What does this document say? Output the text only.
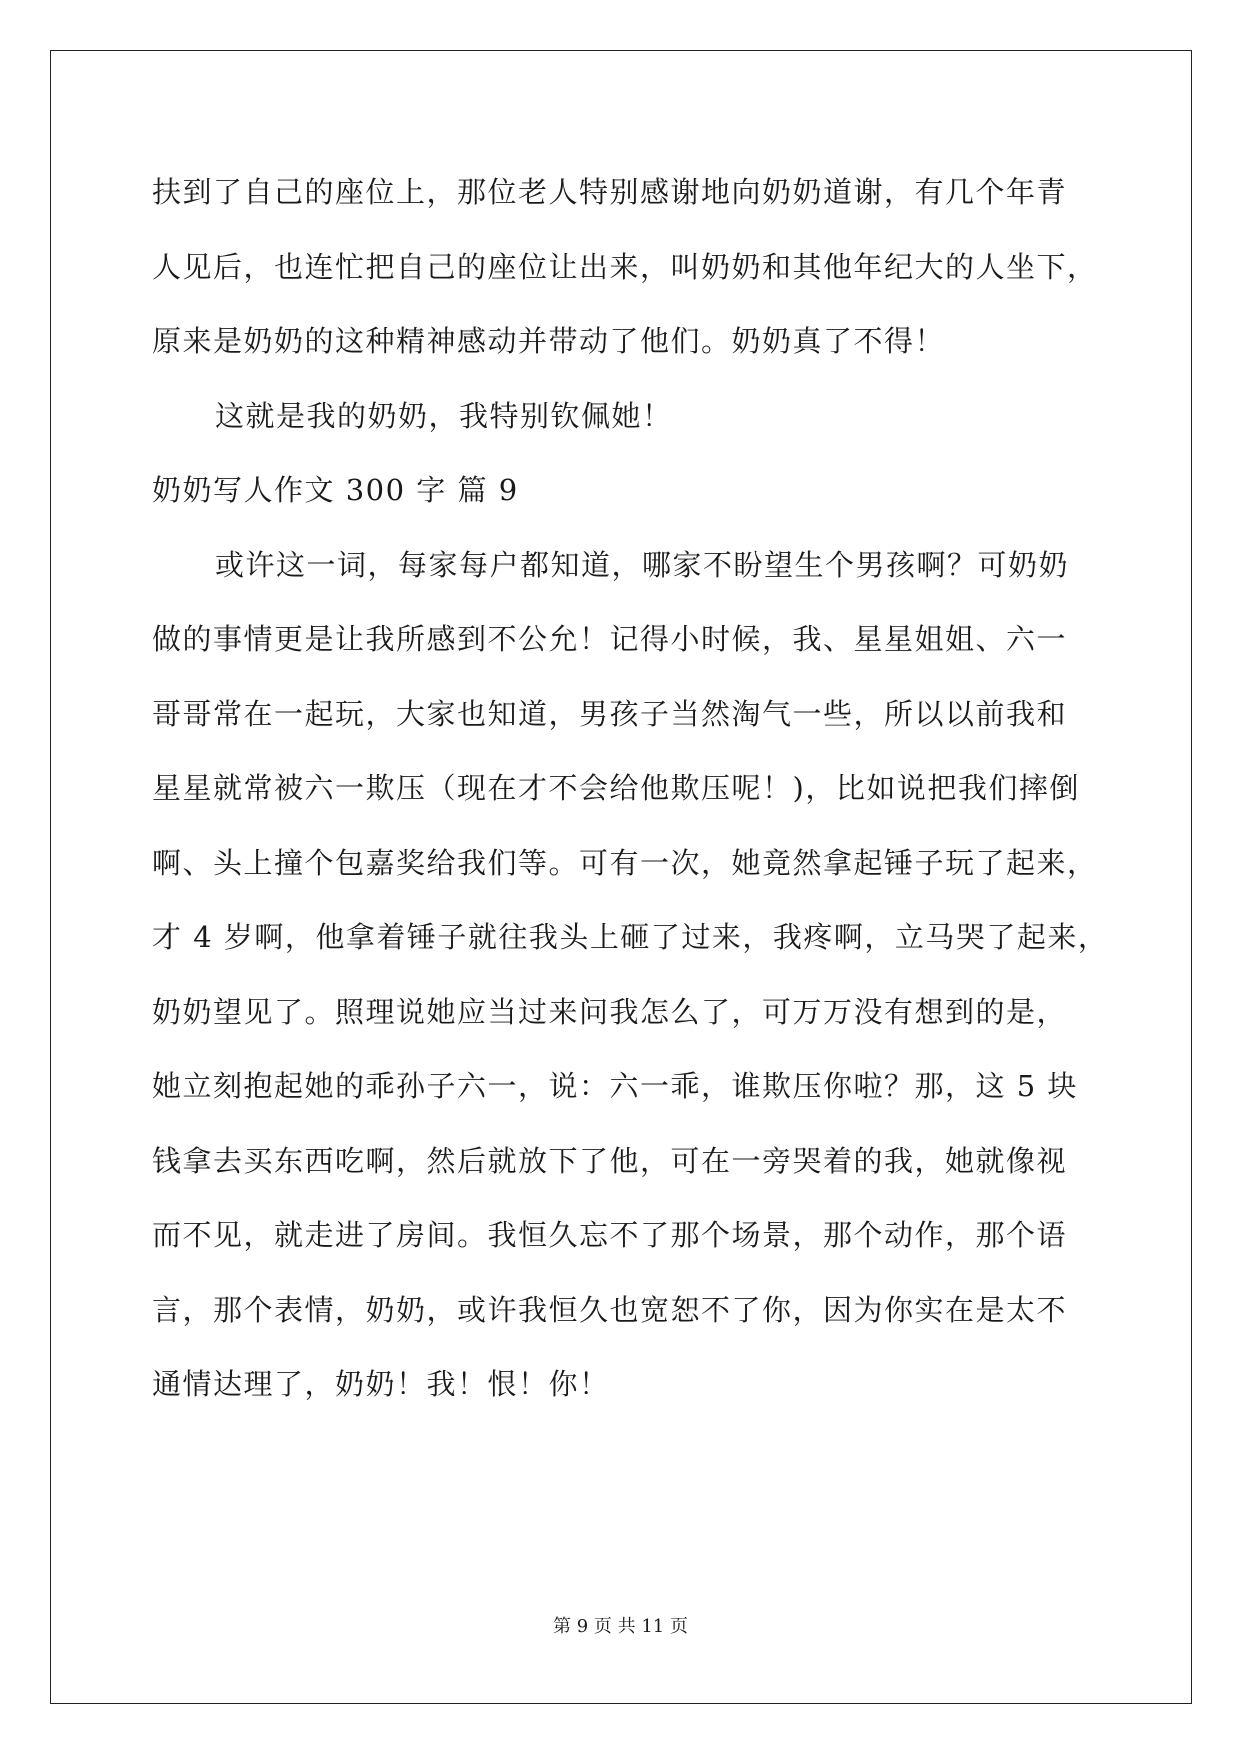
扶到了自己的座位上，那位老人特别感谢地向奶奶道谢，有几个年青
人见后，也连忙把自己的座位让出来，叫奶奶和其他年纪大的人坐下，
原来是奶奶的这种精神感动并带动了他们。奶奶真了不得！
这就是我的奶奶，我特别钦佩她！
奶奶写人作文 300 字 篇 9
或许这一词，每家每户都知道，哪家不盼望生个男孩啊？可奶奶
做的事情更是让我所感到不公允！记得小时候，我、星星姐姐、六一
哥哥常在一起玩，大家也知道，男孩子当然淘气一些，所以以前我和
星星就常被六一欺压（现在才不会给他欺压呢！)，比如说把我们摔倒
啊、头上撞个包嘉奖给我们等。可有一次，她竟然拿起锤子玩了起来，
才 4 岁啊，他拿着锤子就往我头上砸了过来，我疼啊，立马哭了起来，
奶奶望见了。照理说她应当过来问我怎么了，可万万没有想到的是，
她立刻抱起她的乖孙子六一，说：六一乖，谁欺压你啦？那，这 5 块
钱拿去买东西吃啊，然后就放下了他，可在一旁哭着的我，她就像视
而不见，就走进了房间。我恒久忘不了那个场景，那个动作，那个语
言，那个表情，奶奶，或许我恒久也宽恕不了你，因为你实在是太不
通情达理了，奶奶！我！恨！你！
第 9 页 共 11 页
